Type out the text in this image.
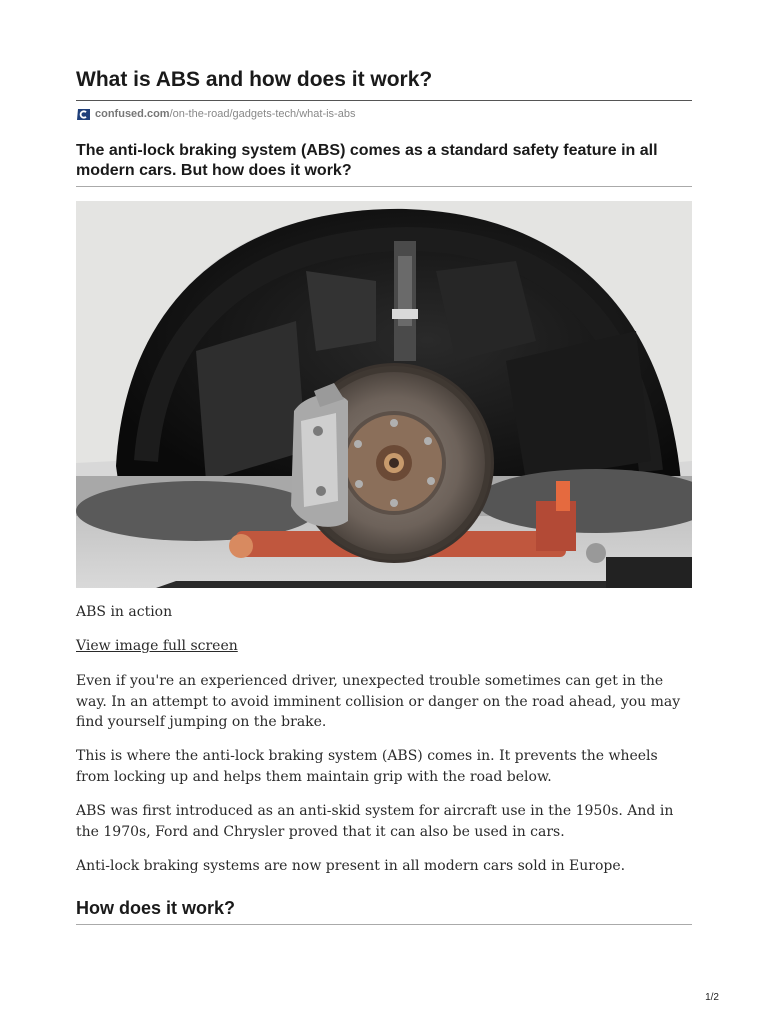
What is ABS and how does it work?
confused.com /on-the-road/gadgets-tech/what-is-abs

The anti-lock braking system (ABS) comes as a standard safety feature in all modern cars. But how does it work?

ABS in action

View image full screen

Even if you're an experienced driver, unexpected trouble sometimes can get in the way. In an attempt to avoid imminent collision or danger on the road ahead, you may find yourself jumping on the brake.

This is where the anti-lock braking system (ABS) comes in. It prevents the wheels from locking up and helps them maintain grip with the road below.

ABS was first introduced as an anti-skid system for aircraft use in the 1950s. And in the 1970s, Ford and Chrysler proved that it can also be used in cars.

Anti-lock braking systems are now present in all modern cars sold in Europe.

How does it work?
1/2
